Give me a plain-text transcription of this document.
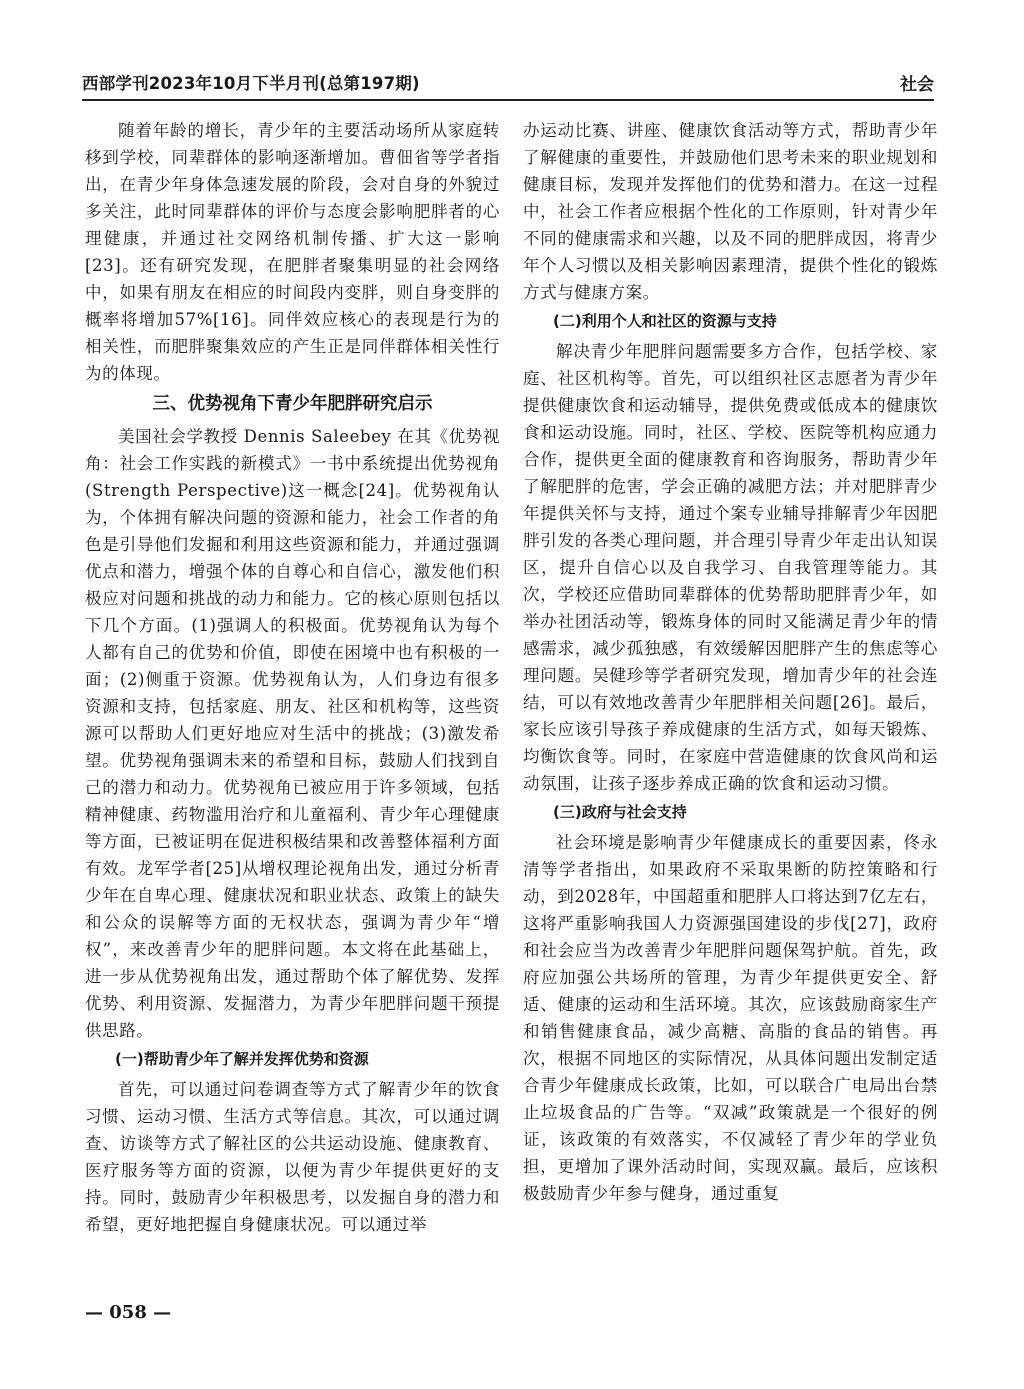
西部学刊2023年10月下半月刊(总第197期)	社会

随着年龄的增长，青少年的主要活动场所从家庭转移到学校，同辈群体的影响逐渐增加。曹佃省等学者指出，在青少年身体急速发展的阶段，会对自身的外貌过多关注，此时同辈群体的评价与态度会影响肥胖者的心理健康，并通过社交网络机制传播、扩大这一影响[23]。还有研究发现，在肥胖者聚集明显的社会网络中，如果有朋友在相应的时间段内变胖，则自身变胖的概率将增加57%[16]。同伴效应核心的表现是行为的相关性，而肥胖聚集效应的产生正是同伴群体相关性行为的体现。

三、优势视角下青少年肥胖研究启示

美国社会学教授 Dennis Saleebey 在其《优势视角：社会工作实践的新模式》一书中系统提出优势视角(Strength Perspective)这一概念[24]。优势视角认为，个体拥有解决问题的资源和能力，社会工作者的角色是引导他们发掘和利用这些资源和能力，并通过强调优点和潜力，增强个体的自尊心和自信心，激发他们积极应对问题和挑战的动力和能力。它的核心原则包括以下几个方面。(1)强调人的积极面。优势视角认为每个人都有自己的优势和价值，即使在困境中也有积极的一面；(2)侧重于资源。优势视角认为，人们身边有很多资源和支持，包括家庭、朋友、社区和机构等，这些资源可以帮助人们更好地应对生活中的挑战；(3)激发希望。优势视角强调未来的希望和目标，鼓励人们找到自己的潜力和动力。优势视角已被应用于许多领域，包括精神健康、药物滥用治疗和儿童福利、青少年心理健康等方面，已被证明在促进积极结果和改善整体福利方面有效。龙军学者[25]从增权理论视角出发，通过分析青少年在自卑心理、健康状况和职业状态、政策上的缺失和公众的误解等方面的无权状态，强调为青少年“增权”，来改善青少年的肥胖问题。本文将在此基础上，进一步从优势视角出发，通过帮助个体了解优势、发挥优势、利用资源、发掘潜力，为青少年肥胖问题干预提供思路。

(一)帮助青少年了解并发挥优势和资源

首先，可以通过问卷调查等方式了解青少年的饮食习惯、运动习惯、生活方式等信息。其次，可以通过调查、访谈等方式了解社区的公共运动设施、健康教育、医疗服务等方面的资源，以便为青少年提供更好的支持。同时，鼓励青少年积极思考，以发掘自身的潜力和希望，更好地把握自身健康状况。可以通过举

办运动比赛、讲座、健康饮食活动等方式，帮助青少年了解健康的重要性，并鼓励他们思考未来的职业规划和健康目标，发现并发挥他们的优势和潜力。在这一过程中，社会工作者应根据个性化的工作原则，针对青少年不同的健康需求和兴趣，以及不同的肥胖成因，将青少年个人习惯以及相关影响因素理清，提供个性化的锻炼方式与健康方案。

(二)利用个人和社区的资源与支持

解决青少年肥胖问题需要多方合作，包括学校、家庭、社区机构等。首先，可以组织社区志愿者为青少年提供健康饮食和运动辅导，提供免费或低成本的健康饮食和运动设施。同时，社区、学校、医院等机构应通力合作，提供更全面的健康教育和咨询服务，帮助青少年了解肥胖的危害，学会正确的减肥方法；并对肥胖青少年提供关怀与支持，通过个案专业辅导排解青少年因肥胖引发的各类心理问题，并合理引导青少年走出认知误区，提升自信心以及自我学习、自我管理等能力。其次，学校还应借助同辈群体的优势帮助肥胖青少年，如举办社团活动等，锻炼身体的同时又能满足青少年的情感需求，减少孤独感，有效缓解因肥胖产生的焦虑等心理问题。吴健珍等学者研究发现，增加青少年的社会连结，可以有效地改善青少年肥胖相关问题[26]。最后，家长应该引导孩子养成健康的生活方式，如每天锻炼、均衡饮食等。同时，在家庭中营造健康的饮食风尚和运动氛围，让孩子逐步养成正确的饮食和运动习惯。

(三)政府与社会支持

社会环境是影响青少年健康成长的重要因素，佟永清等学者指出，如果政府不采取果断的防控策略和行动，到2028年，中国超重和肥胖人口将达到7亿左右，这将严重影响我国人力资源强国建设的步伐[27]，政府和社会应当为改善青少年肥胖问题保驾护航。首先，政府应加强公共场所的管理，为青少年提供更安全、舒适、健康的运动和生活环境。其次，应该鼓励商家生产和销售健康食品，减少高糖、高脂的食品的销售。再次，根据不同地区的实际情况，从具体问题出发制定适合青少年健康成长政策，比如，可以联合广电局出台禁止垃圾食品的广告等。“双减”政策就是一个很好的例证，该政策的有效落实，不仅减轻了青少年的学业负担，更增加了课外活动时间，实现双赢。最后，应该积极鼓励青少年参与健身，通过重复

— 058 —
